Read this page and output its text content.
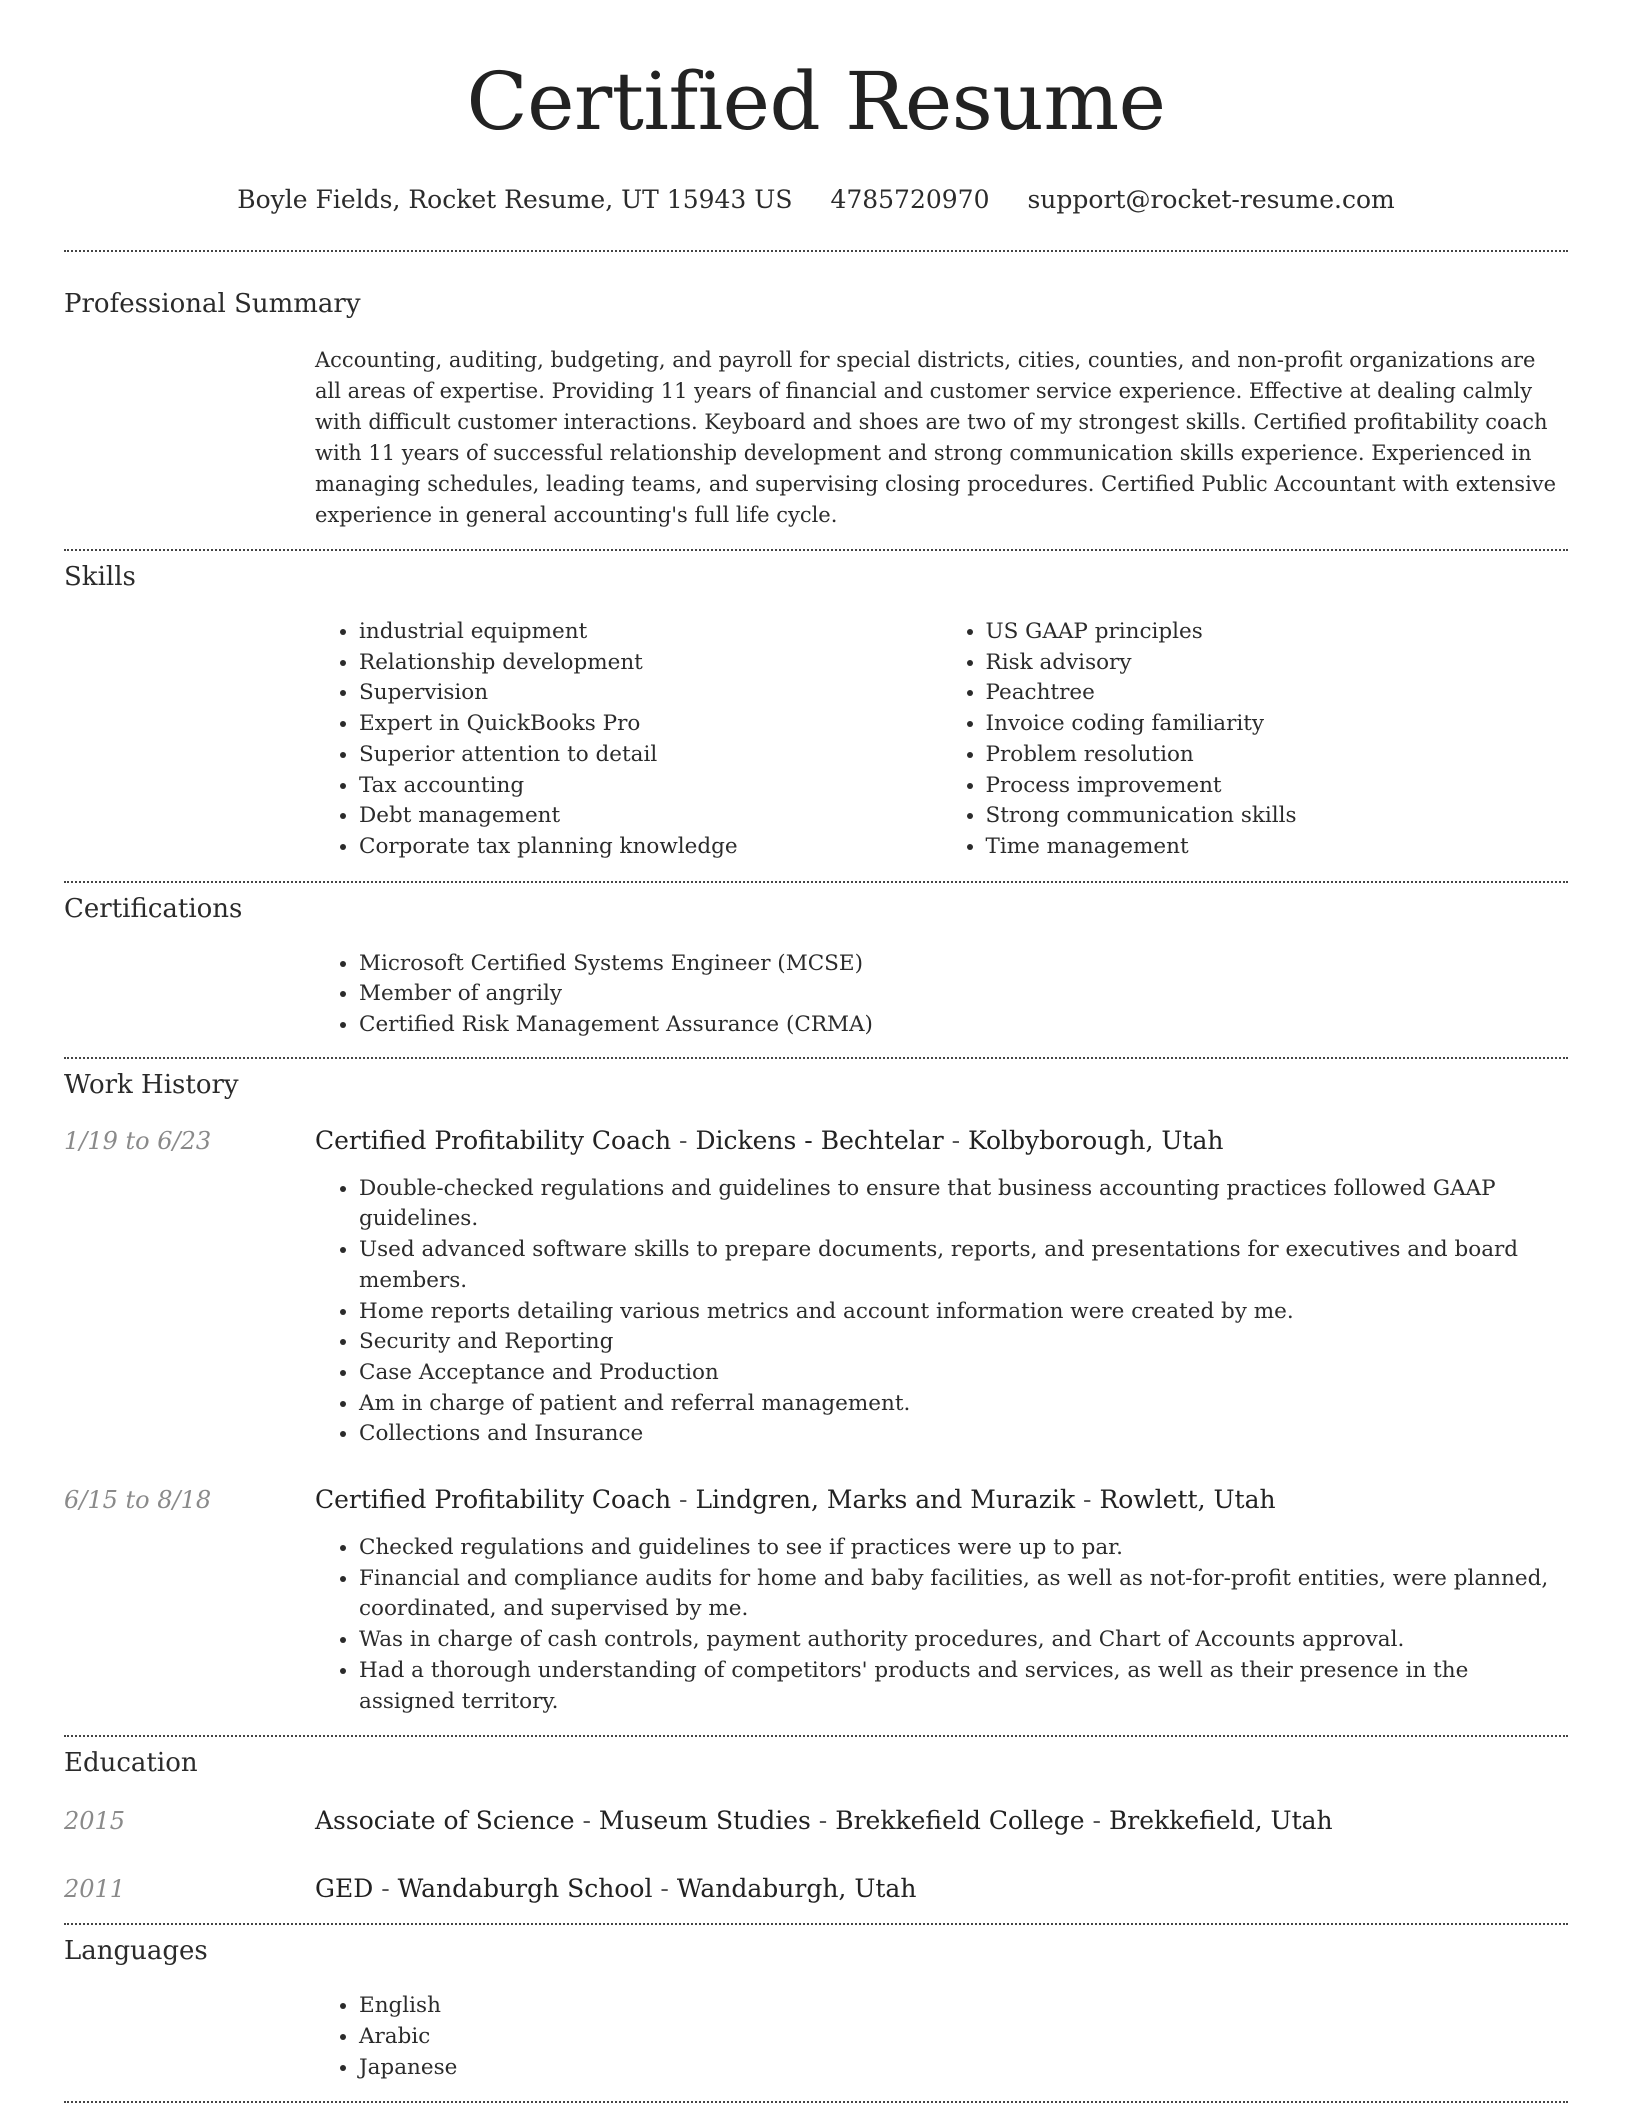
Certified Resume
Boyle Fields, Rocket Resume, UT 15943 US 4785720970 support@rocket-resume.com
Professional Summary

Accounting, auditing, budgeting, and payroll for special districts, cities, counties, and non-profit organizations are all areas of expertise. Providing 11 years of financial and customer service experience. Effective at dealing calmly with difficult customer interactions. Keyboard and shoes are two of my strongest skills. Certified profitability coach with 11 years of successful relationship development and strong communication skills experience. Experienced in managing schedules, leading teams, and supervising closing procedures. Certified Public Accountant with extensive experience in general accounting's full life cycle.

Skills
• industrial equipment
• Relationship development
• Supervision
• Expert in QuickBooks Pro
• Superior attention to detail
• Tax accounting
• Debt management
• Corporate tax planning knowledge
• US GAAP principles
• Risk advisory
• Peachtree
• Invoice coding familiarity
• Problem resolution
• Process improvement
• Strong communication skills
• Time management
Certifications
• Microsoft Certified Systems Engineer (MCSE)
• Member of angrily
• Certified Risk Management Assurance (CRMA)
Work History
1/19 to 6/23	Certified Profitability Coach - Dickens - Bechtelar - Kolbyborough, Utah
• Double-checked regulations and guidelines to ensure that business accounting practices followed GAAP guidelines.
• Used advanced software skills to prepare documents, reports, and presentations for executives and board members.
• Home reports detailing various metrics and account information were created by me.
• Security and Reporting
• Case Acceptance and Production
• Am in charge of patient and referral management.
• Collections and Insurance
6/15 to 8/18	Certified Profitability Coach - Lindgren, Marks and Murazik - Rowlett, Utah
• Checked regulations and guidelines to see if practices were up to par.
• Financial and compliance audits for home and baby facilities, as well as not-for-profit entities, were planned, coordinated, and supervised by me.
• Was in charge of cash controls, payment authority procedures, and Chart of Accounts approval.
• Had a thorough understanding of competitors' products and services, as well as their presence in the assigned territory.
Education
2015	Associate of Science - Museum Studies - Brekkefield College - Brekkefield, Utah
2011	GED - Wandaburgh School - Wandaburgh, Utah
Languages
• English
• Arabic
• Japanese
